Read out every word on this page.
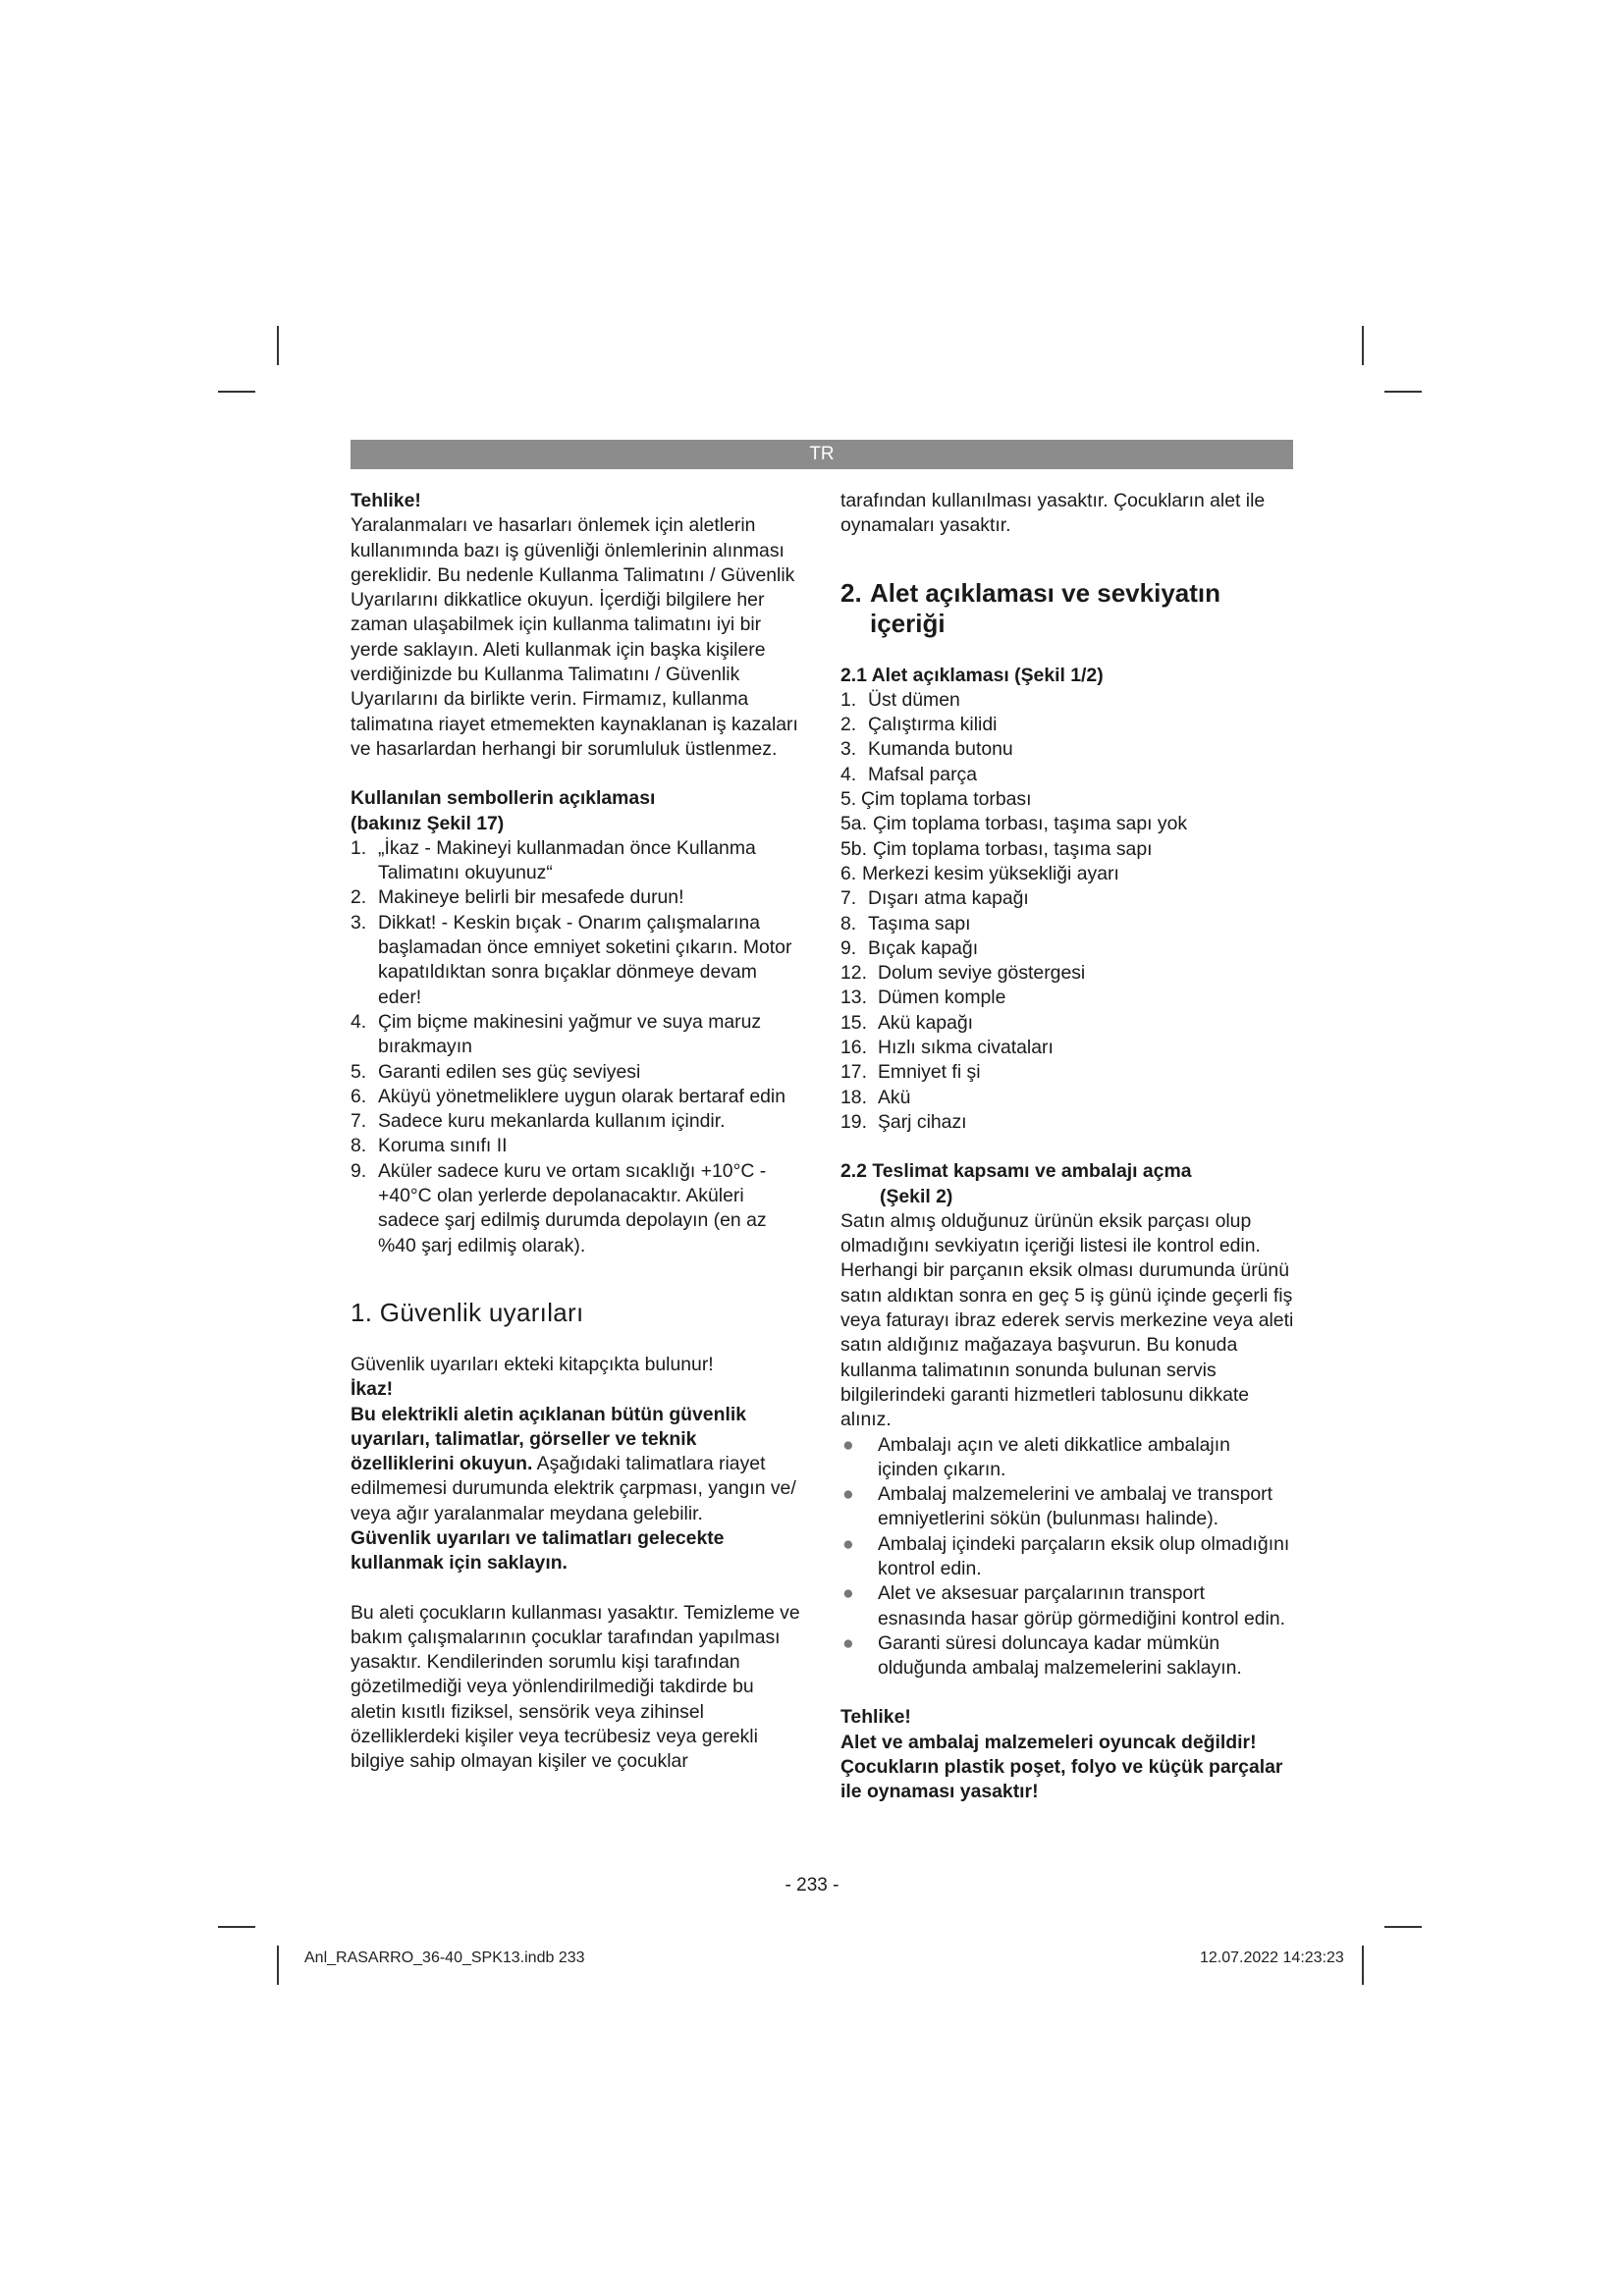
TR

Tehlike!

Yaralanmaları ve hasarları önlemek için aletlerin kullanımında bazı iş güvenliği önlemlerinin alınması gereklidir. Bu nedenle Kullanma Talimatını / Güvenlik Uyarılarını dikkatlice okuyun. İçerdiği bilgilere her zaman ulaşabilmek için kullanma talimatını iyi bir yerde saklayın. Aleti kullanmak için başka kişilere verdiğinizde bu Kullanma Talimatını / Güvenlik Uyarılarını da birlikte verin. Firmamız, kullanma talimatına riayet etmemekten kaynaklanan iş kazaları ve hasarlardan herhangi bir sorumluluk üstlenmez.

Kullanılan sembollerin açıklaması

(bakınız Şekil 17)

1. „İkaz - Makineyi kullanmadan önce Kullanma Talimatını okuyunuz“
2. Makineye belirli bir mesafede durun!
3. Dikkat! - Keskin bıçak - Onarım çalışmalarına başlamadan önce emniyet soketini çıkarın. Motor kapatıldıktan sonra bıçaklar dönmeye devam eder!
4. Çim biçme makinesini yağmur ve suya maruz bırakmayın
5. Garanti edilen ses güç seviyesi
6. Aküyü yönetmeliklere uygun olarak bertaraf edin
7. Sadece kuru mekanlarda kullanım içindir.
8. Koruma sınıfı II
9. Aküler sadece kuru ve ortam sıcaklığı +10°C - +40°C olan yerlerde depolanacaktır. Aküleri sadece şarj edilmiş durumda depolayın (en az %40 şarj edilmiş olarak).
1. Güvenlik uyarıları

Güvenlik uyarıları ekteki kitapçıkta bulunur!

İkaz!

Bu elektrikli aletin açıklanan bütün güvenlik uyarıları, talimatlar, görseller ve teknik özelliklerini okuyun. Aşağıdaki talimatlara riayet edilmemesi durumunda elektrik çarpması, yangın ve/ veya ağır yaralanmalar meydana gelebilir.

Güvenlik uyarıları ve talimatları gelecekte kullanmak için saklayın.

Bu aleti çocukların kullanması yasaktır. Temizleme ve bakım çalışmalarının çocuklar tarafından yapılması yasaktır. Kendilerinden sorumlu kişi tarafından gözetilmediği veya yönlendirilmediği takdirde bu aletin kısıtlı fiziksel, sensörik veya zihinsel özelliklerdeki kişiler veya tecrübesiz veya gerekli bilgiye sahip olmayan kişiler ve çocuklar

tarafından kullanılması yasaktır. Çocukların alet ile oynamaları yasaktır.

2. Alet açıklaması ve sevkiyatın içeriği
2.1 Alet açıklaması (Şekil 1/2)
1. Üst dümen
2. Çalıştırma kilidi
3. Kumanda butonu
4. Mafsal parça
5. Çim toplama torbası
5a. Çim toplama torbası, taşıma sapı yok
5b. Çim toplama torbası, taşıma sapı
6. Merkezi kesim yüksekliği ayarı
7. Dışarı atma kapağı
8. Taşıma sapı
9. Bıçak kapağı
12. Dolum seviye göstergesi
13. Dümen komple
15. Akü kapağı
16. Hızlı sıkma civataları
17. Emniyet fi şi
18. Akü
19. Şarj cihazı
2.2 Teslimat kapsamı ve ambalajı açma
(Şekil 2)

Satın almış olduğunuz ürünün eksik parçası olup olmadığını sevkiyatın içeriği listesi ile kontrol edin. Herhangi bir parçanın eksik olması durumunda ürünü satın aldıktan sonra en geç 5 iş günü içinde geçerli fiş veya faturayı ibraz ederek servis merkezine veya aleti satın aldığınız mağazaya başvurun. Bu konuda kullanma talimatının sonunda bulunan servis bilgilerindeki garanti hizmetleri tablosunu dikkate alınız.

●	Ambalajı açın ve aleti dikkatlice ambalajın içinden çıkarın.
●	Ambalaj malzemelerini ve ambalaj ve transport emniyetlerini sökün (bulunması halinde).
●	Ambalaj içindeki parçaların eksik olup olmadığını kontrol edin.
●	Alet ve aksesuar parçalarının transport esnasında hasar görüp görmediğini kontrol edin.
●	Garanti süresi doluncaya kadar mümkün olduğunda ambalaj malzemelerini saklayın.

Tehlike!

Alet ve ambalaj malzemeleri oyuncak değildir! Çocukların plastik poşet, folyo ve küçük parçalar ile oynaması yasaktır!

- 233 -
Anl_RASARRO_36-40_SPK13.indb 233	12.07.2022 14:23:23
